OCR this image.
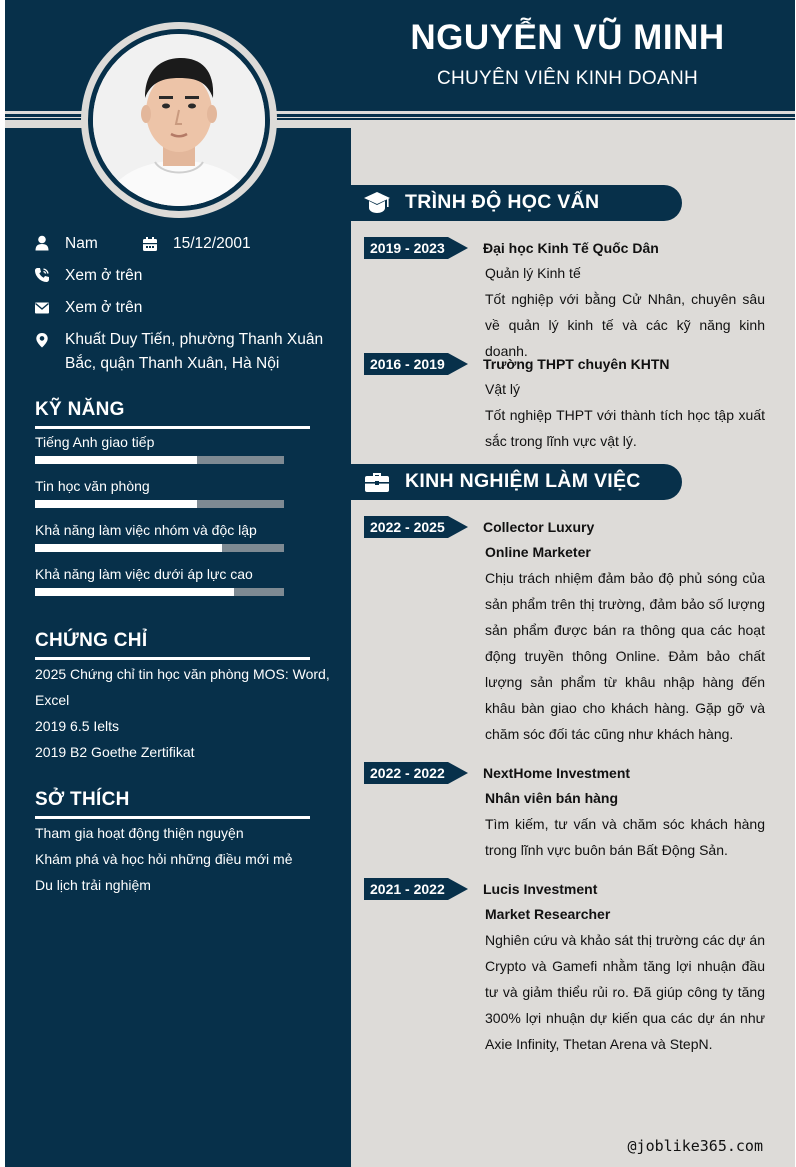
NGUYỄN VŨ MINH
CHUYÊN VIÊN KINH DOANH
Nam	15/12/2001
Xem ở trên
Xem ở trên
Khuất Duy Tiến, phường Thanh Xuân Bắc, quận Thanh Xuân, Hà Nội
KỸ NĂNG
Tiếng Anh giao tiếp
Tin học văn phòng
Khả năng làm việc nhóm và độc lập
Khả năng làm việc dưới áp lực cao
CHỨNG CHỈ
2025 Chứng chỉ tin học văn phòng MOS: Word, Excel
2019 6.5 Ielts
2019 B2 Goethe Zertifikat
SỞ THÍCH
Tham gia hoạt động thiện nguyện
Khám phá và học hỏi những điều mới mẻ
Du lịch trải nghiệm
TRÌNH ĐỘ HỌC VẤN
2019 - 2023	Đại học Kinh Tế Quốc Dân
Quản lý Kinh tế
Tốt nghiệp với bằng Cử Nhân, chuyên sâu về quản lý kinh tế và các kỹ năng kinh doanh.
2016 - 2019	Trường THPT chuyên KHTN
Vật lý
Tốt nghiệp THPT với thành tích học tập xuất sắc trong lĩnh vực vật lý.
KINH NGHIỆM LÀM VIỆC
2022 - 2025	Collector Luxury
Online Marketer
Chịu trách nhiệm đảm bảo độ phủ sóng của sản phẩm trên thị trường, đảm bảo số lượng sản phẩm được bán ra thông qua các hoạt động truyền thông Online. Đảm bảo chất lượng sản phẩm từ khâu nhập hàng đến khâu bàn giao cho khách hàng. Gặp gỡ và chăm sóc đối tác cũng như khách hàng.
2022 - 2022	NextHome Investment
Nhân viên bán hàng
Tìm kiếm, tư vấn và chăm sóc khách hàng trong lĩnh vực buôn bán Bất Động Sản.
2021 - 2022	Lucis Investment
Market Researcher
Nghiên cứu và khảo sát thị trường các dự án Crypto và Gamefi nhằm tăng lợi nhuận đầu tư và giảm thiểu rủi ro. Đã giúp công ty tăng 300% lợi nhuận dự kiến qua các dự án như Axie Infinity, Thetan Arena và StepN.
@joblike365.com
